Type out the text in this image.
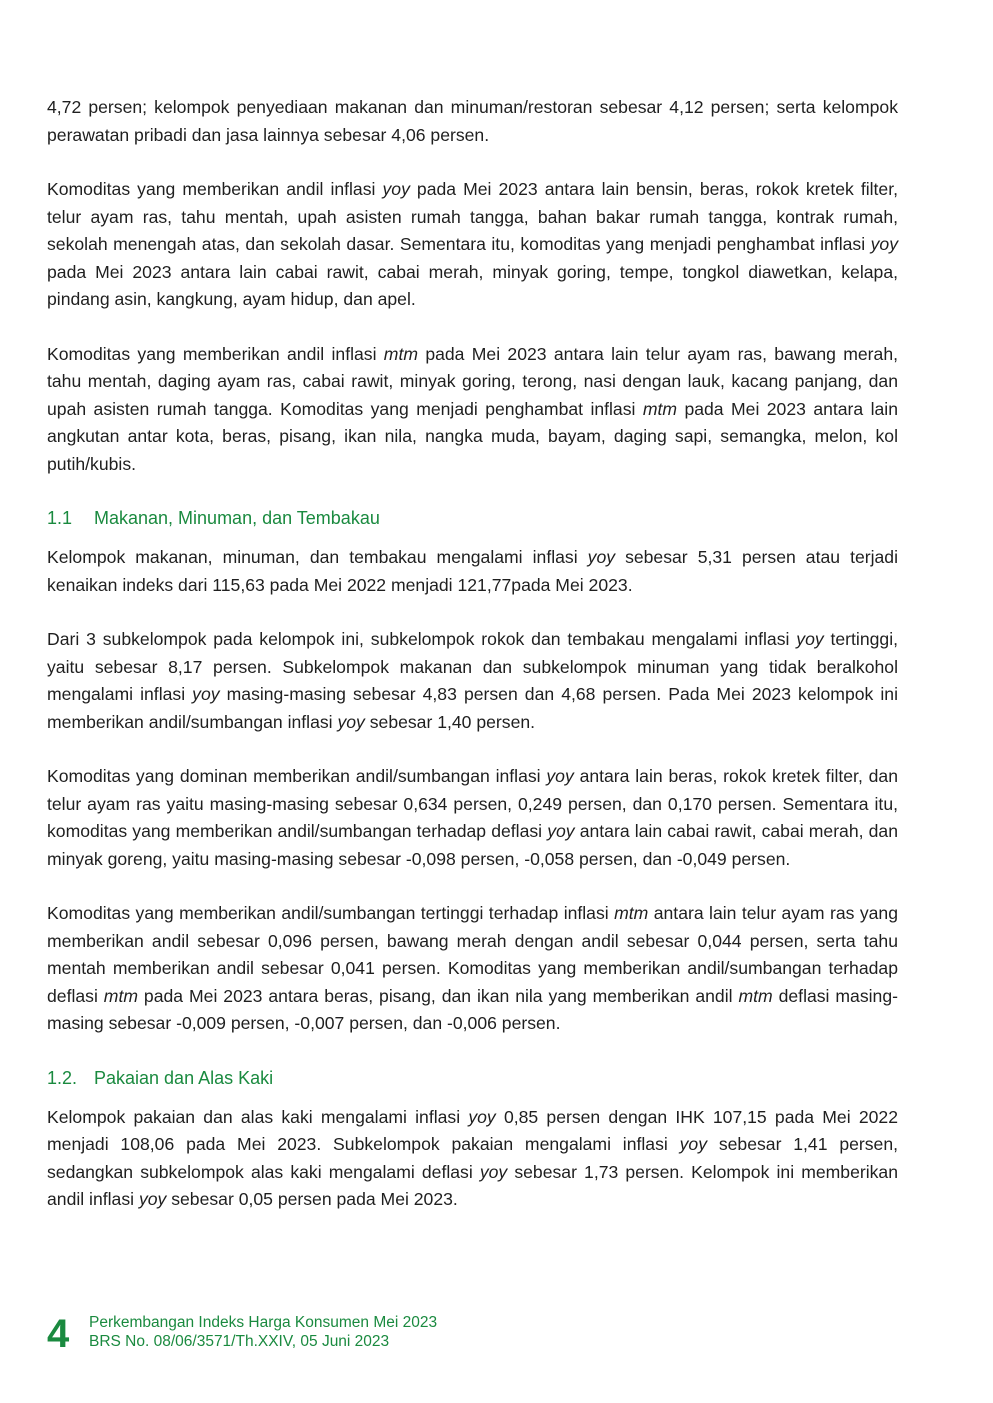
4,72 persen; kelompok penyediaan makanan dan minuman/restoran sebesar 4,12 persen; serta kelompok perawatan pribadi dan jasa lainnya sebesar 4,06 persen.

Komoditas yang memberikan andil inflasi yoy pada Mei 2023 antara lain bensin, beras, rokok kretek filter, telur ayam ras, tahu mentah, upah asisten rumah tangga, bahan bakar rumah tangga, kontrak rumah, sekolah menengah atas, dan sekolah dasar. Sementara itu, komoditas yang menjadi penghambat inflasi yoy pada Mei 2023 antara lain cabai rawit, cabai merah, minyak goring, tempe, tongkol diawetkan, kelapa, pindang asin, kangkung, ayam hidup, dan apel.

Komoditas yang memberikan andil inflasi mtm pada Mei 2023 antara lain telur ayam ras, bawang merah, tahu mentah, daging ayam ras, cabai rawit, minyak goring, terong, nasi dengan lauk, kacang panjang, dan upah asisten rumah tangga. Komoditas yang menjadi penghambat inflasi mtm pada Mei 2023 antara lain angkutan antar kota, beras, pisang, ikan nila, nangka muda, bayam, daging sapi, semangka, melon, kol putih/kubis.

1.1	Makanan, Minuman, dan Tembakau

Kelompok makanan, minuman, dan tembakau mengalami inflasi yoy sebesar 5,31 persen atau terjadi kenaikan indeks dari 115,63 pada Mei 2022 menjadi 121,77pada Mei 2023.

Dari 3 subkelompok pada kelompok ini, subkelompok rokok dan tembakau mengalami inflasi yoy tertinggi, yaitu sebesar 8,17 persen. Subkelompok makanan dan subkelompok minuman yang tidak beralkohol mengalami inflasi yoy masing-masing sebesar 4,83 persen dan 4,68 persen. Pada Mei 2023 kelompok ini memberikan andil/sumbangan inflasi yoy sebesar 1,40 persen.

Komoditas yang dominan memberikan andil/sumbangan inflasi yoy antara lain beras, rokok kretek filter, dan telur ayam ras yaitu masing-masing sebesar 0,634 persen, 0,249 persen, dan 0,170 persen. Sementara itu, komoditas yang memberikan andil/sumbangan terhadap deflasi yoy antara lain cabai rawit, cabai merah, dan minyak goreng, yaitu masing-masing sebesar -0,098 persen, -0,058 persen, dan -0,049 persen.

Komoditas yang memberikan andil/sumbangan tertinggi terhadap inflasi mtm antara lain telur ayam ras yang memberikan andil sebesar 0,096 persen, bawang merah dengan andil sebesar 0,044 persen, serta tahu mentah memberikan andil sebesar 0,041 persen. Komoditas yang memberikan andil/sumbangan terhadap deflasi mtm pada Mei 2023 antara beras, pisang, dan ikan nila yang memberikan andil mtm deflasi masing-masing sebesar -0,009 persen, -0,007 persen, dan -0,006 persen.

1.2. Pakaian dan Alas Kaki

Kelompok pakaian dan alas kaki mengalami inflasi yoy 0,85 persen dengan IHK 107,15 pada Mei 2022 menjadi 108,06 pada Mei 2023. Subkelompok pakaian mengalami inflasi yoy sebesar 1,41 persen, sedangkan subkelompok alas kaki mengalami deflasi yoy sebesar 1,73 persen. Kelompok ini memberikan andil inflasi yoy sebesar 0,05 persen pada Mei 2023.

4	Perkembangan Indeks Harga Konsumen Mei 2023
BRS No. 08/06/3571/Th.XXIV, 05 Juni 2023
